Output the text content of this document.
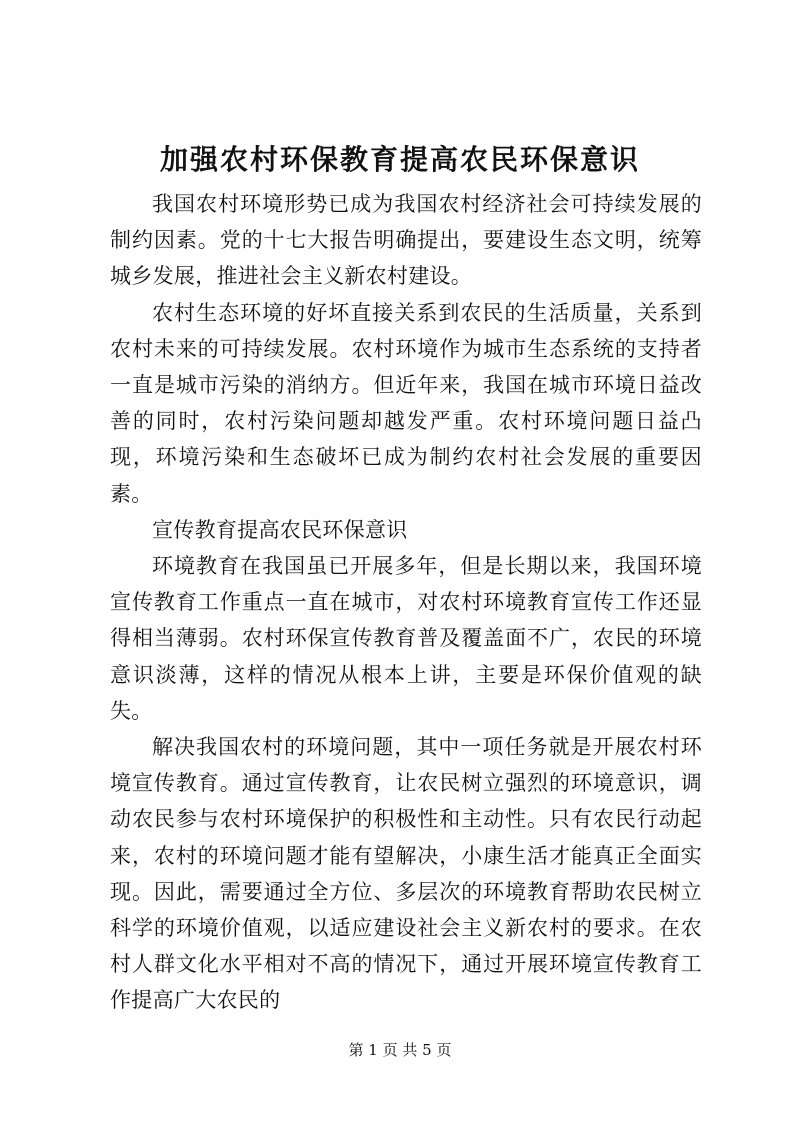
加强农村环保教育提高农民环保意识

我国农村环境形势已成为我国农村经济社会可持续发展的制约因素。党的十七大报告明确提出，要建设生态文明，统筹城乡发展，推进社会主义新农村建设。

农村生态环境的好坏直接关系到农民的生活质量，关系到农村未来的可持续发展。农村环境作为城市生态系统的支持者一直是城市污染的消纳方。但近年来，我国在城市环境日益改善的同时，农村污染问题却越发严重。农村环境问题日益凸现，环境污染和生态破坏已成为制约农村社会发展的重要因素。

宣传教育提高农民环保意识

环境教育在我国虽已开展多年，但是长期以来，我国环境宣传教育工作重点一直在城市，对农村环境教育宣传工作还显得相当薄弱。农村环保宣传教育普及覆盖面不广，农民的环境意识淡薄，这样的情况从根本上讲，主要是环保价值观的缺失。

解决我国农村的环境问题，其中一项任务就是开展农村环境宣传教育。通过宣传教育，让农民树立强烈的环境意识，调动农民参与农村环境保护的积极性和主动性。只有农民行动起来，农村的环境问题才能有望解决，小康生活才能真正全面实现。因此，需要通过全方位、多层次的环境教育帮助农民树立科学的环境价值观，以适应建设社会主义新农村的要求。在农村人群文化水平相对不高的情况下，通过开展环境宣传教育工作提高广大农民的

第 1 页 共 5 页
